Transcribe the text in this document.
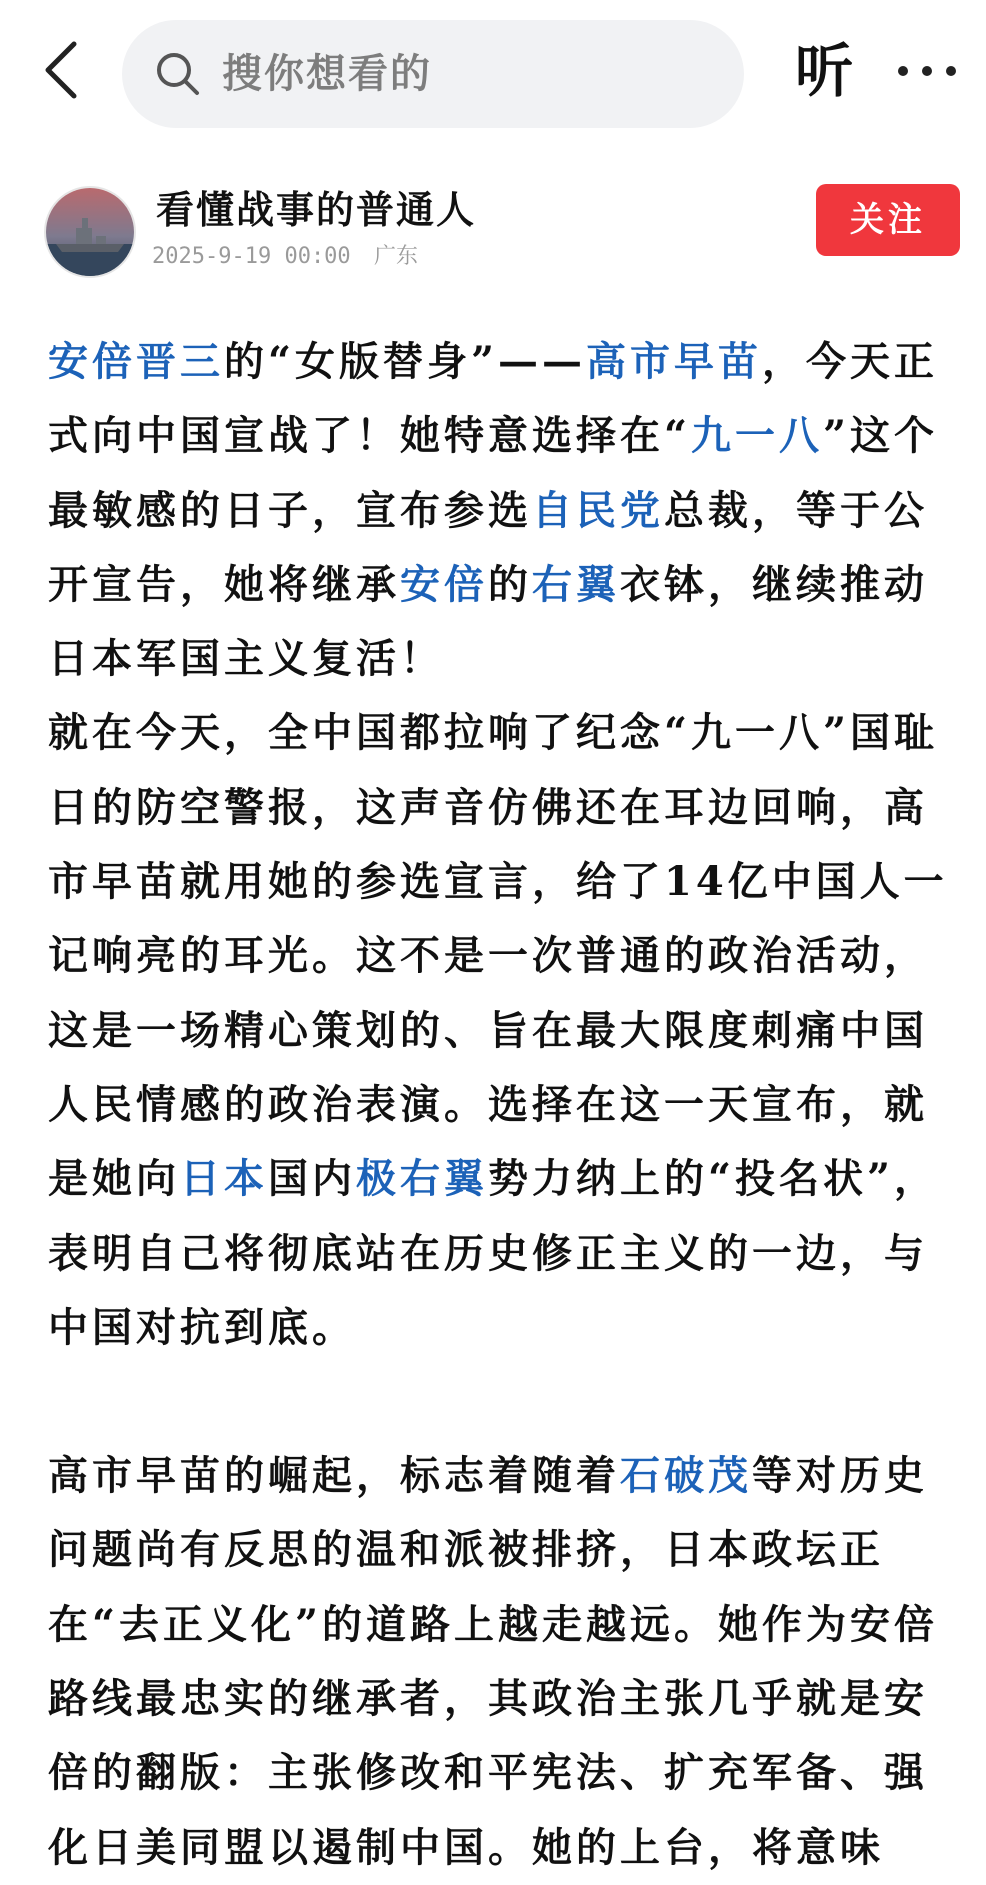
搜你想看的	听
看懂战事的普通人
2025-9-19 00:00 广东
关注

安倍晋三的“女版替身”——高市早苗，今天正式向中国宣战了！她特意选择在“九一八”这个最敏感的日子，宣布参选自民党总裁，等于公开宣告，她将继承安倍的右翼衣钵，继续推动日本军国主义复活！

就在今天，全中国都拉响了纪念“九一八”国耻日的防空警报，这声音仿佛还在耳边回响，高市早苗就用她的参选宣言，给了14亿中国人一记响亮的耳光。这不是一次普通的政治活动，这是一场精心策划的、旨在最大限度刺痛中国人民情感的政治表演。选择在这一天宣布，就是她向日本国内极右翼势力纳上的“投名状”，表明自己将彻底站在历史修正主义的一边，与中国对抗到底。

高市早苗的崛起，标志着随着石破茂等对历史问题尚有反思的温和派被排挤，日本政坛正在“去正义化”的道路上越走越远。她作为安倍路线最忠实的继承者，其政治主张几乎就是安倍的翻版：主张修改和平宪法、扩充军备、强化日美同盟以遏制中国。她的上台，将意味
